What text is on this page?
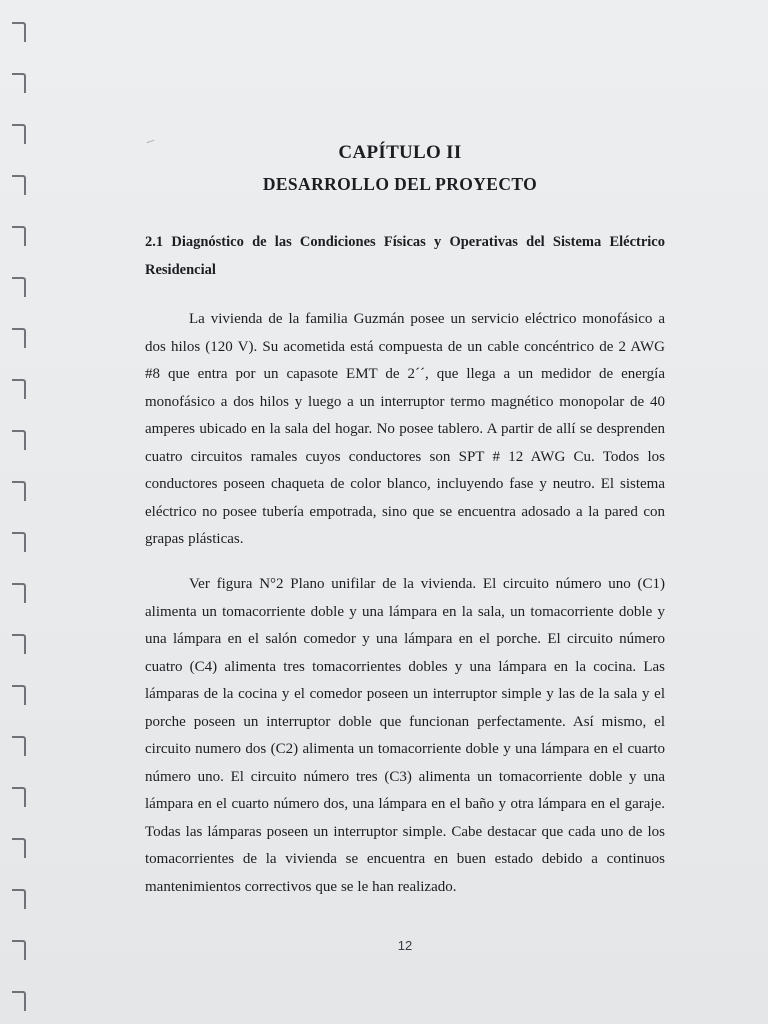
CAPÍTULO II
DESARROLLO DEL PROYECTO
2.1 Diagnóstico de las Condiciones Físicas y Operativas del Sistema Eléctrico Residencial

La vivienda de la familia Guzmán posee un servicio eléctrico monofásico a dos hilos (120 V). Su acometida está compuesta de un cable concéntrico de 2 AWG #8 que entra por un capasote EMT de 2´´, que llega a un medidor de energía monofásico a dos hilos y luego a un interruptor termo magnético monopolar de 40 amperes ubicado en la sala del hogar. No posee tablero. A partir de allí se desprenden cuatro circuitos ramales cuyos conductores son SPT # 12 AWG Cu. Todos los conductores poseen chaqueta de color blanco, incluyendo fase y neutro. El sistema eléctrico no posee tubería empotrada, sino que se encuentra adosado a la pared con grapas plásticas.

Ver figura N°2 Plano unifilar de la vivienda. El circuito número uno (C1) alimenta un tomacorriente doble y una lámpara en la sala, un tomacorriente doble y una lámpara en el salón comedor y una lámpara en el porche. El circuito número cuatro (C4) alimenta tres tomacorrientes dobles y una lámpara en la cocina. Las lámparas de la cocina y el comedor poseen un interruptor simple y las de la sala y el porche poseen un interruptor doble que funcionan perfectamente. Así mismo, el circuito numero dos (C2) alimenta un tomacorriente doble y una lámpara en el cuarto número uno. El circuito número tres (C3) alimenta un tomacorriente doble y una lámpara en el cuarto número dos, una lámpara en el baño y otra lámpara en el garaje. Todas las lámparas poseen un interruptor simple. Cabe destacar que cada uno de los tomacorrientes de la vivienda se encuentra en buen estado debido a continuos mantenimientos correctivos que se le han realizado.

12
